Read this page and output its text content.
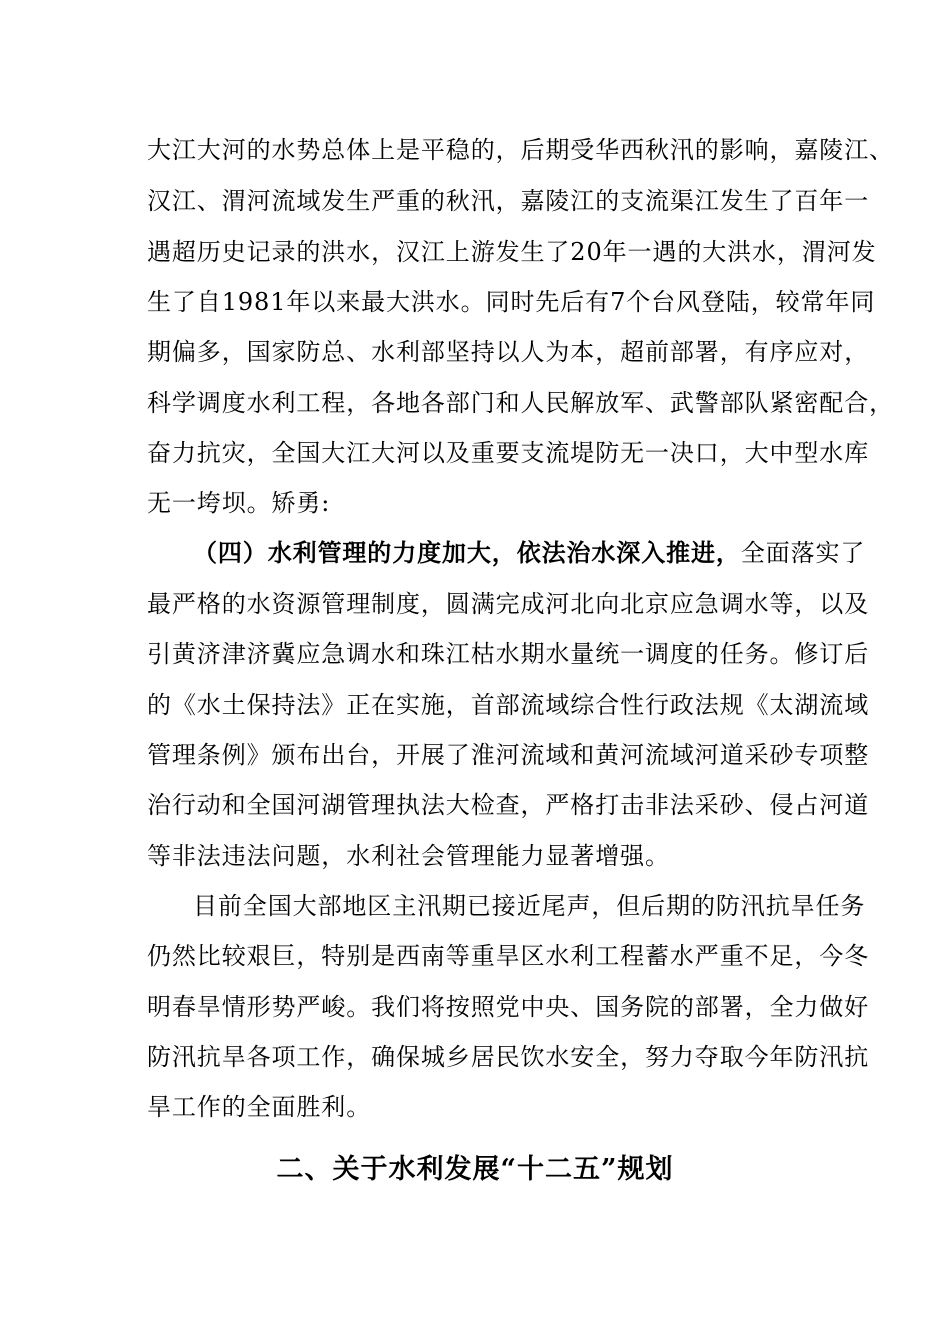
大江大河的水势总体上是平稳的，后期受华西秋汛的影响，嘉陵江、
汉江、渭河流域发生严重的秋汛，嘉陵江的支流渠江发生了百年一
遇超历史记录的洪水，汉江上游发生了20年一遇的大洪水，渭河发
生了自1981年以来最大洪水。同时先后有7个台风登陆，较常年同
期偏多，国家防总、水利部坚持以人为本，超前部署，有序应对，
科学调度水利工程，各地各部门和人民解放军、武警部队紧密配合，
奋力抗灾，全国大江大河以及重要支流堤防无一决口，大中型水库
无一垮坝。矫勇:
（四）水利管理的力度加大，依法治水深入推进，全面落实了
最严格的水资源管理制度，圆满完成河北向北京应急调水等，以及
引黄济津济冀应急调水和珠江枯水期水量统一调度的任务。修订后
的《水土保持法》正在实施，首部流域综合性行政法规《太湖流域
管理条例》颁布出台，开展了淮河流域和黄河流域河道采砂专项整
治行动和全国河湖管理执法大检查，严格打击非法采砂、侵占河道
等非法违法问题，水利社会管理能力显著增强。
目前全国大部地区主汛期已接近尾声，但后期的防汛抗旱任务
仍然比较艰巨，特别是西南等重旱区水利工程蓄水严重不足，今冬
明春旱情形势严峻。我们将按照党中央、国务院的部署，全力做好
防汛抗旱各项工作，确保城乡居民饮水安全，努力夺取今年防汛抗
旱工作的全面胜利。
二、关于水利发展“十二五”规划
